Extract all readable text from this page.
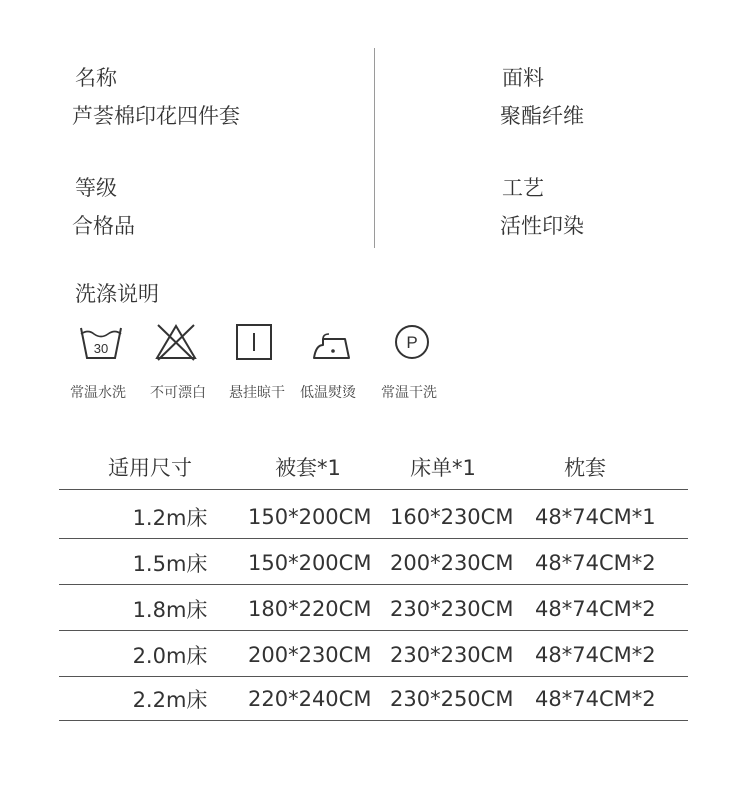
名称
芦荟棉印花四件套
等级
合格品
面料
聚酯纤维
工艺
活性印染
洗涤说明
30	P
常温水洗 不可漂白 悬挂晾干 低温熨烫 常温干洗
适用尺寸	被套*1	床单*1	枕套
1.2m床	150*200CM 160*230CM 48*74CM*1
1.5m床	150*200CM 200*230CM 48*74CM*2
1.8m床	180*220CM 230*230CM 48*74CM*2
2.0m床	200*230CM 230*230CM 48*74CM*2
2.2m床	220*240CM 230*250CM 48*74CM*2
